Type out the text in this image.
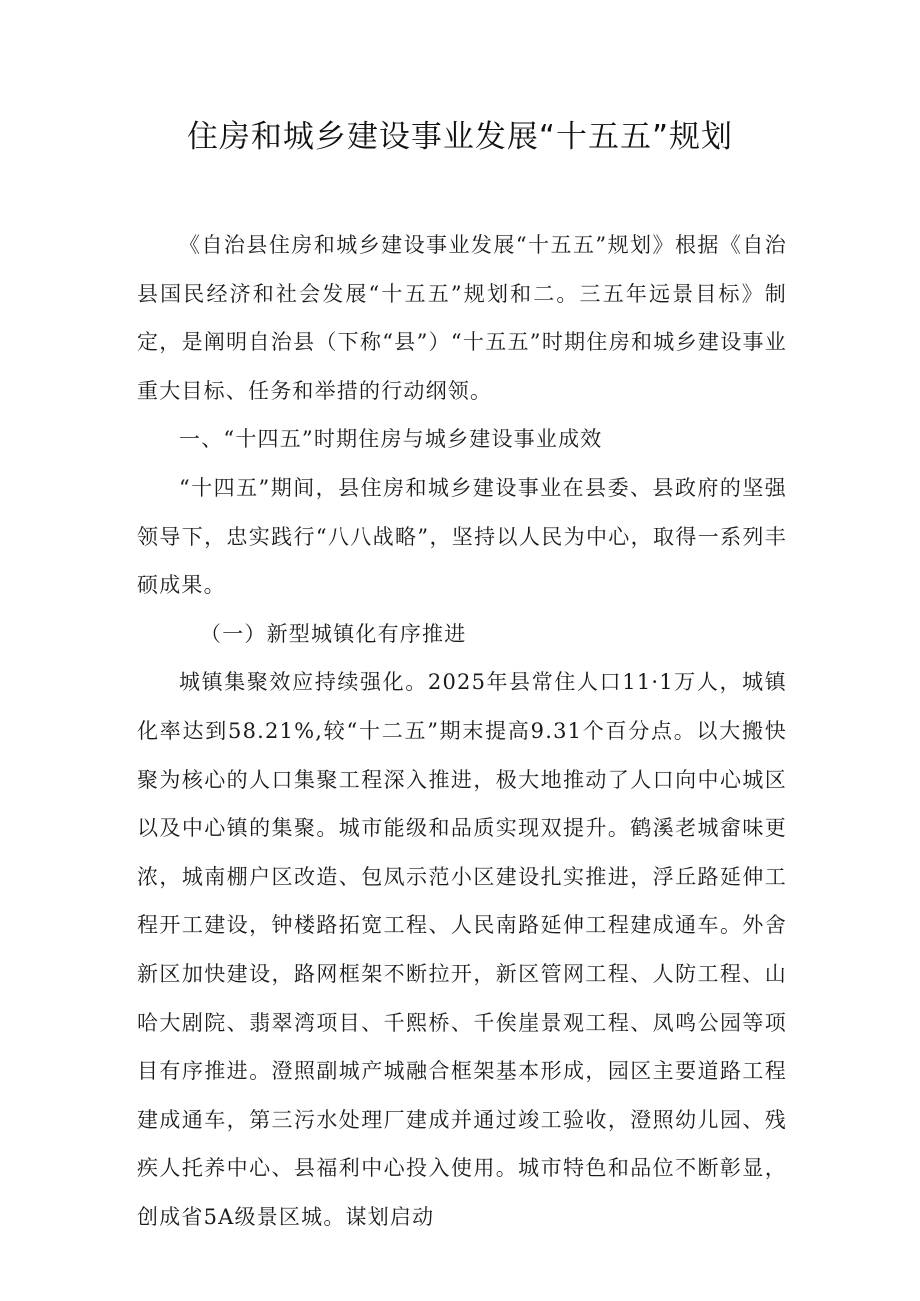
住房和城乡建设事业发展“十五五”规划

《自治县住房和城乡建设事业发展“十五五”规划》根据《自治县国民经济和社会发展“十五五”规划和二。三五年远景目标》制定，是阐明自治县（下称“县”）“十五五”时期住房和城乡建设事业重大目标、任务和举措的行动纲领。

一、“十四五”时期住房与城乡建设事业成效

“十四五”期间，县住房和城乡建设事业在县委、县政府的坚强领导下，忠实践行“八八战略”，坚持以人民为中心，取得一系列丰硕成果。

（一）新型城镇化有序推进

城镇集聚效应持续强化。2025年县常住人口11·1万人，城镇化率达到58.21%,较“十二五”期末提高9.31个百分点。以大搬快聚为核心的人口集聚工程深入推进，极大地推动了人口向中心城区以及中心镇的集聚。城市能级和品质实现双提升。鹤溪老城畲味更浓，城南棚户区改造、包凤示范小区建设扎实推进，浮丘路延伸工程开工建设，钟楼路拓宽工程、人民南路延伸工程建成通车。外舍新区加快建设，路网框架不断拉开，新区管网工程、人防工程、山哈大剧院、翡翠湾项目、千熙桥、千俟崖景观工程、凤鸣公园等项目有序推进。澄照副城产城融合框架基本形成，园区主要道路工程建成通车，第三污水处理厂建成并通过竣工验收，澄照幼儿园、残疾人托养中心、县福利中心投入使用。城市特色和品位不断彰显，创成省5A级景区城。谋划启动
